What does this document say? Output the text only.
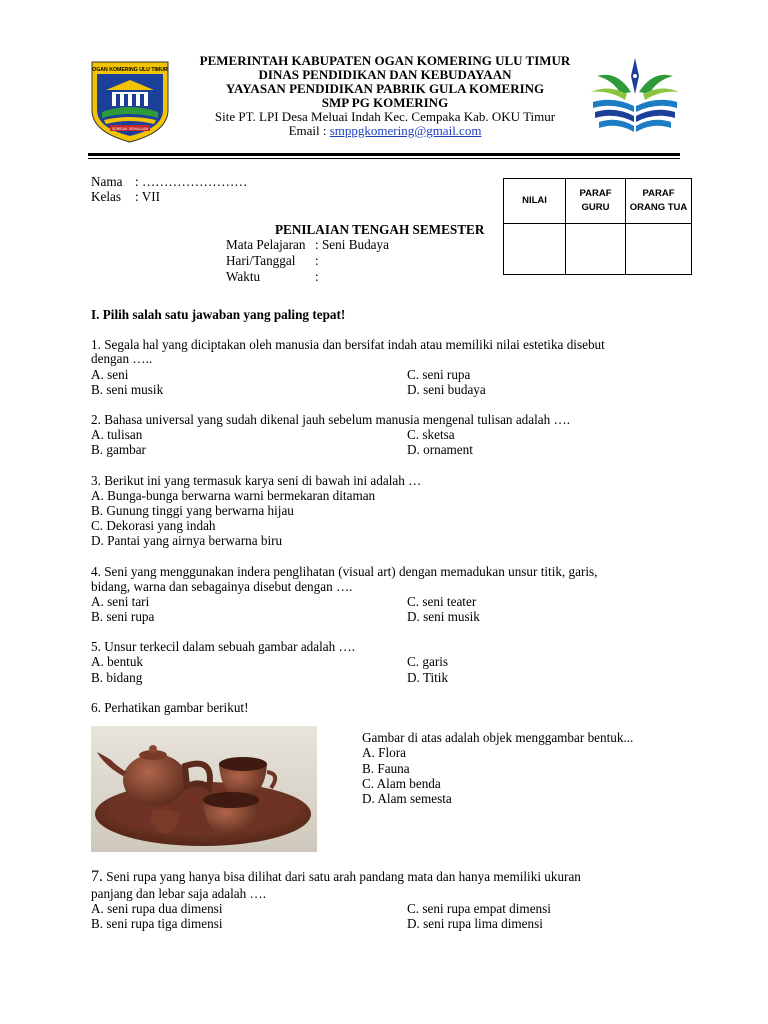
OGAN KOMERING ULU TIMUR
SEBIDUK SEHALUAN
PEMERINTAH KABUPATEN OGAN KOMERING ULU TIMUR
DINAS PENDIDIKAN DAN KEBUDAYAAN
YAYASAN PENDIDIKAN PABRIK GULA KOMERING
SMP PG KOMERING
Site PT. LPI Desa Meluai Indah Kec. Cempaka Kab. OKU Timur
Email : smppgkomering@gmail.com
Nama : ……………………
Kelas : VII	NILAI	PARAF GURU	PARAF ORANG TUA

PENILAIAN TENGAH SEMESTER
Mata Pelajaran : Seni Budaya
Hari/Tanggal :
Waktu	:
I. Pilih salah satu jawaban yang paling tepat!
1. Segala hal yang diciptakan oleh manusia dan bersifat indah atau memiliki nilai estetika disebut
dengan …..
A. seni	C. seni rupa
B. seni musik	D. seni budaya
2. Bahasa universal yang sudah dikenal jauh sebelum manusia mengenal tulisan adalah ….
A. tulisan	C. sketsa
B. gambar	D. ornament
3. Berikut ini yang termasuk karya seni di bawah ini adalah …
A. Bunga-bunga berwarna warni bermekaran ditaman
B. Gunung tinggi yang berwarna hijau
C. Dekorasi yang indah
D. Pantai yang airnya berwarna biru
4. Seni yang menggunakan indera penglihatan (visual art) dengan memadukan unsur titik, garis,
bidang, warna dan sebagainya disebut dengan ….
A. seni tari	C. seni teater
B. seni rupa	D. seni musik
5. Unsur terkecil dalam sebuah gambar adalah ….
A. bentuk	C. garis
B. bidang	D. Titik
6. Perhatikan gambar berikut!
Gambar di atas adalah objek menggambar bentuk...
A. Flora
B. Fauna
C. Alam benda
D. Alam semesta
7. Seni rupa yang hanya bisa dilihat dari satu arah pandang mata dan hanya memiliki ukuran
panjang dan lebar saja adalah ….
A. seni rupa dua dimensi	C. seni rupa empat dimensi
B. seni rupa tiga dimensi	D. seni rupa lima dimensi
